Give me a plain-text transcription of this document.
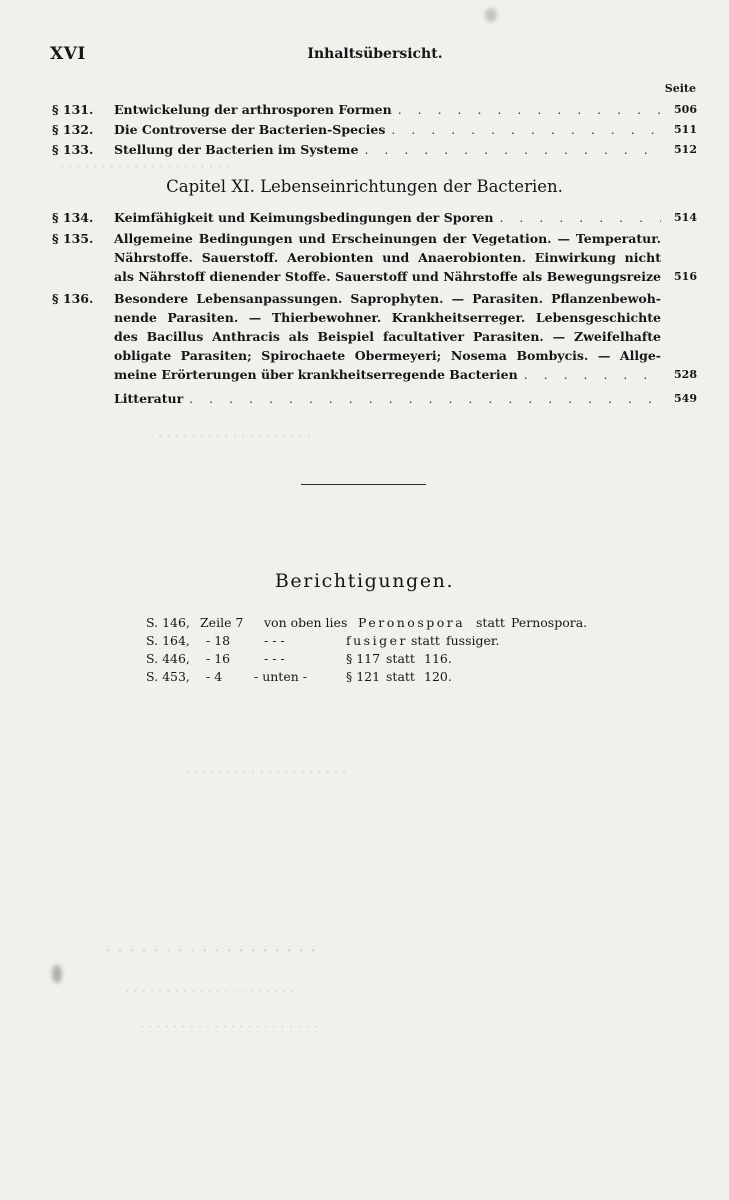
· · · · · · · · · · · · · · · · · · · · ·
· · · · · · · · · · · · · · · · · · · ·
· · · · · · · · · · · · · · · · · · · ·
· · · · · · · · · · · · · · · · · ·
· · · · · · · · · · · · · · · · · · · · ·
· · · · · · · · · · · · · · · · · · · · · ·
XVI	Inhaltsübersicht.
Seite
§ 131. Entwickelung der arthrosporen Formen . . .	506
§ 132. Die Controverse der Bacterien-Species . . .	511
§ 133. Stellung der Bacterien im Systeme . . .	512
Capitel XI. Lebenseinrichtungen der Bacterien.
§ 134. Keimfähigkeit und Keimungsbedingungen der Sporen . . .	514
§ 135. Allgemeine Bedingungen und Erscheinungen der Vegetation. — Temperatur.
Nährstoffe. Sauerstoff. Aerobionten und Anaerobionten. Einwirkung nicht
als Nährstoff dienender Stoffe. Sauerstoff und Nährstoffe als Bewegungsreize 516
§ 136. Besondere Lebensanpassungen. Saprophyten. — Parasiten. Pflanzenbewoh-
nende Parasiten. — Thierbewohner. Krankheitserreger. Lebensgeschichte
des Bacillus Anthracis als Beispiel facultativer Parasiten. — Zweifelhafte
obligate Parasiten; Spirochaete Obermeyeri; Nosema Bombycis. — Allge-
meine Erörterungen über krankheitserregende Bacterien . . .	528
Litteratur . . .	549
Berichtigungen.
S. 146, Zeile 7 von oben lies Peronospora statt Pernospora.
S. 164, - 18	- - -	fusiger statt fussiger.
S. 446, - 16	- - -	§ 117 statt 116.
S. 453, - 4	- unten -	§ 121 statt 120.
